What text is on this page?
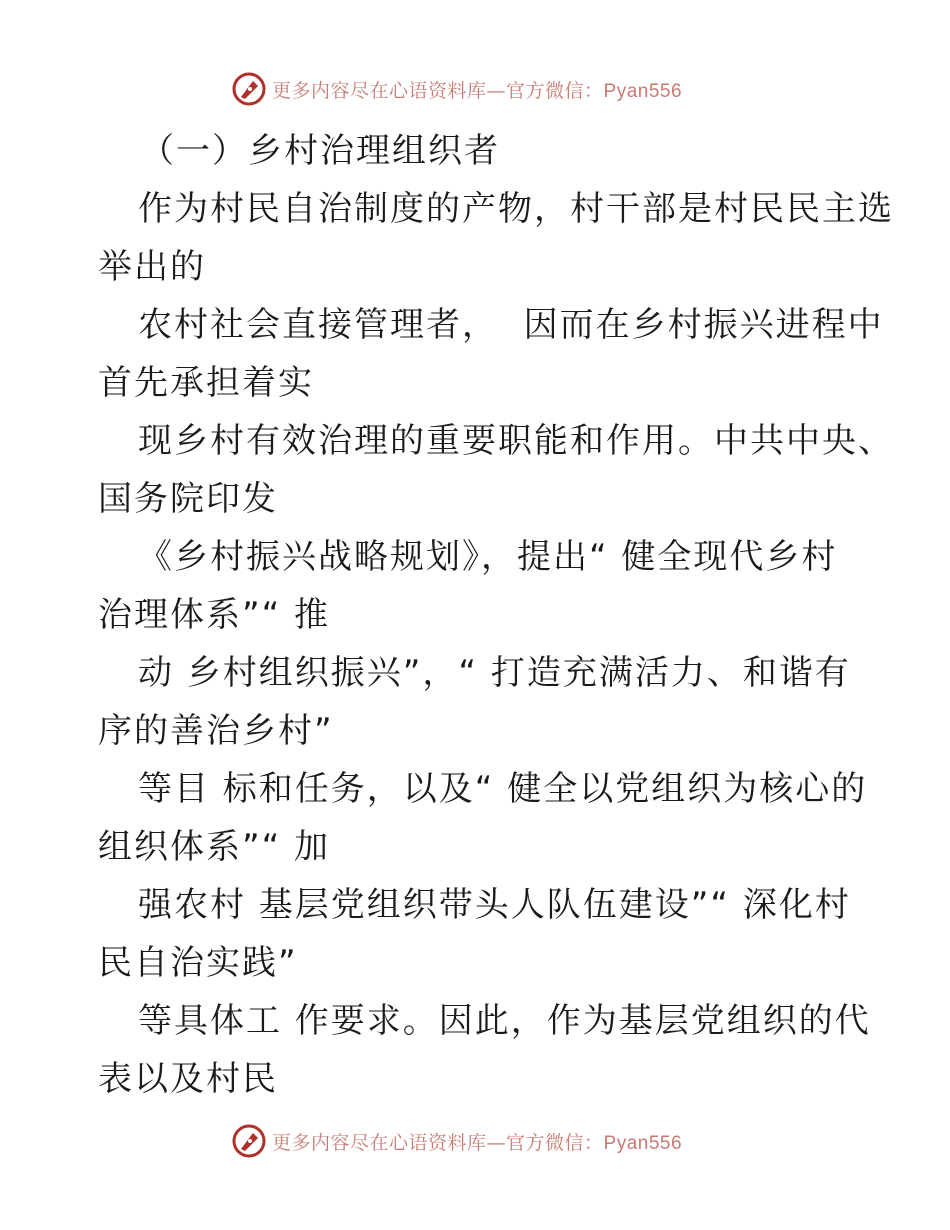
更多内容尽在心语资料库—官方微信：Pyan556
（一）乡村治理组织者
作为村民自治制度的产物，村干部是村民民主选
举出的
农村社会直接管理者，  因而在乡村振兴进程中
首先承担着实
现乡村有效治理的重要职能和作用。中共中央、
国务院印发
《乡村振兴战略规划》，提出“ 健全现代乡村
治理体系”“ 推
动 乡村组织振兴”，“ 打造充满活力、和谐有
序的善治乡村”
等目 标和任务，以及“ 健全以党组织为核心的
组织体系”“ 加
强农村 基层党组织带头人队伍建设”“ 深化村
民自治实践”
等具体工 作要求。因此，作为基层党组织的代
表以及村民
更多内容尽在心语资料库—官方微信：Pyan556
